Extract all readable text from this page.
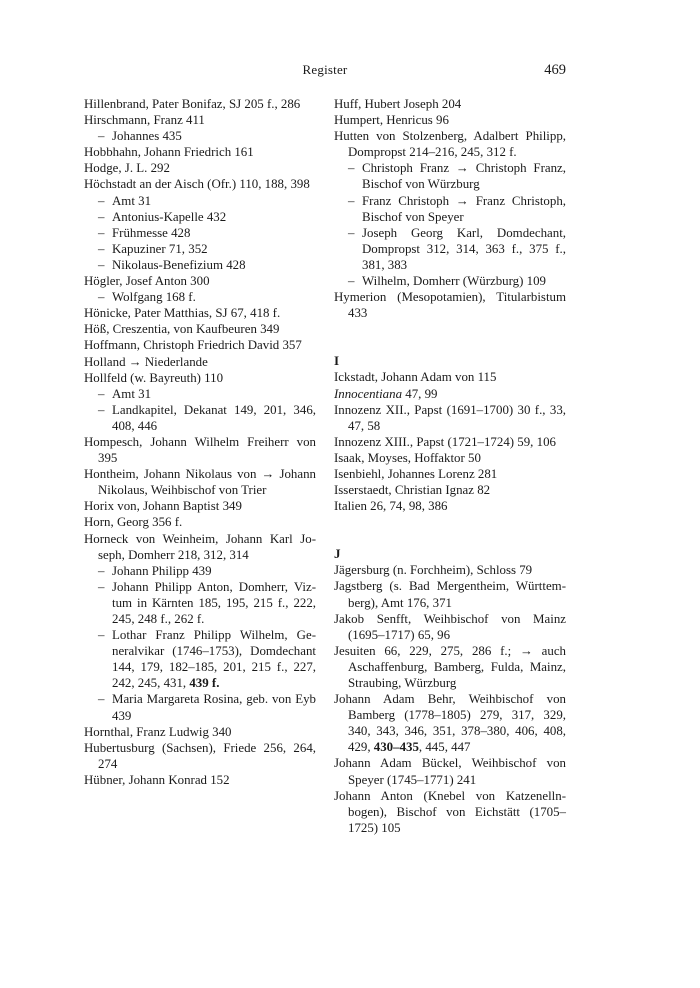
Register	469
Hillenbrand, Pater Bonifaz, SJ 205 f., 286
Hirschmann, Franz 411
– Johannes 435
Hobbhahn, Johann Friedrich 161
Hodge, J. L. 292
Höchstadt an der Aisch (Ofr.) 110, 188, 398
– Amt 31
– Antonius-Kapelle 432
– Frühmesse 428
– Kapuziner 71, 352
– Nikolaus-Benefizium 428
Högler, Josef Anton 300
– Wolfgang 168 f.
Hönicke, Pater Matthias, SJ 67, 418 f.
Höß, Creszentia, von Kaufbeuren 349
Hoffmann, Christoph Friedrich David 357
Holland → Niederlande
Hollfeld (w. Bayreuth) 110
– Amt 31
– Landkapitel, Dekanat 149, 201, 346, 408, 446
Hompesch, Johann Wilhelm Freiherr von 395
Hontheim, Johann Nikolaus von → Johann Nikolaus, Weihbischof von Trier
Horix von, Johann Baptist 349
Horn, Georg 356 f.
Horneck von Weinheim, Johann Karl Joseph, Domherr 218, 312, 314
– Johann Philipp 439
– Johann Philipp Anton, Domherr, Viztum in Kärnten 185, 195, 215 f., 222, 245, 248 f., 262 f.
– Lothar Franz Philipp Wilhelm, Generalvikar (1746–1753), Domdechant 144, 179, 182–185, 201, 215 f., 227, 242, 245, 431, 439 f.
– Maria Margareta Rosina, geb. von Eyb 439
Hornthal, Franz Ludwig 340
Hubertusburg (Sachsen), Friede 256, 264, 274
Hübner, Johann Konrad 152
Huff, Hubert Joseph 204
Humpert, Henricus 96
Hutten von Stolzenberg, Adalbert Philipp, Dompropst 214–216, 245, 312 f.
– Christoph Franz → Christoph Franz, Bischof von Würzburg
– Franz Christoph → Franz Christoph, Bischof von Speyer
– Joseph Georg Karl, Domdechant, Dompropst 312, 314, 363 f., 375 f., 381, 383
– Wilhelm, Domherr (Würzburg) 109
Hymerion (Mesopotamien), Titularbistum 433
I
Ickstadt, Johann Adam von 115
Innocentiana 47, 99
Innozenz XII., Papst (1691–1700) 30 f., 33, 47, 58
Innozenz XIII., Papst (1721–1724) 59, 106
Isaak, Moyses, Hoffaktor 50
Isenbiehl, Johannes Lorenz 281
Isserstaedt, Christian Ignaz 82
Italien 26, 74, 98, 386
J
Jägersburg (n. Forchheim), Schloss 79
Jagstberg (s. Bad Mergentheim, Württemberg), Amt 176, 371
Jakob Senfft, Weihbischof von Mainz (1695–1717) 65, 96
Jesuiten 66, 229, 275, 286 f.; → auch Aschaffenburg, Bamberg, Fulda, Mainz, Straubing, Würzburg
Johann Adam Behr, Weihbischof von Bamberg (1778–1805) 279, 317, 329, 340, 343, 346, 351, 378–380, 406, 408, 429, 430–435, 445, 447
Johann Adam Bückel, Weihbischof von Speyer (1745–1771) 241
Johann Anton (Knebel von Katzenellnbogen), Bischof von Eichstätt (1705–1725) 105
